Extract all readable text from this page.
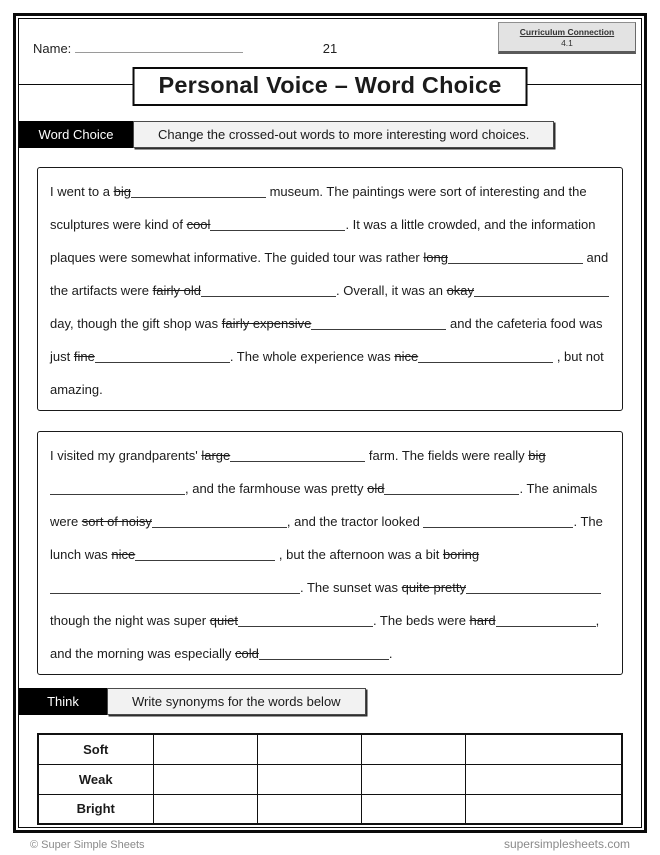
Name:	21
Curriculum Connection
4.1
Personal Voice – Word Choice
Word Choice	Change the crossed-out words to more interesting word choices.
I went to a big	museum. The paintings were sort of interesting and the sculptures were kind of cool	. It was a little crowded, and the information plaques were somewhat informative. The guided tour was rather long	and the artifacts were fairly old	. Overall, it was an okay day, though the gift shop was fairly expensive	and the cafeteria food was just fine	. The whole experience was nice	, but not amazing.
I visited my grandparents' large	farm. The fields were really big, and the farmhouse was pretty old	. The animals were sort of noisy	, and the tractor looked	. The lunch was nice	, but the afternoon was a bit boring. The sunset was quite pretty though the night was super quiet	. The beds were hard	, and the morning was especially cold	.
Think	Write synonyms for the words below
Soft				
Weak				
Bright				
© Super Simple Sheets	supersimplesheets.com
